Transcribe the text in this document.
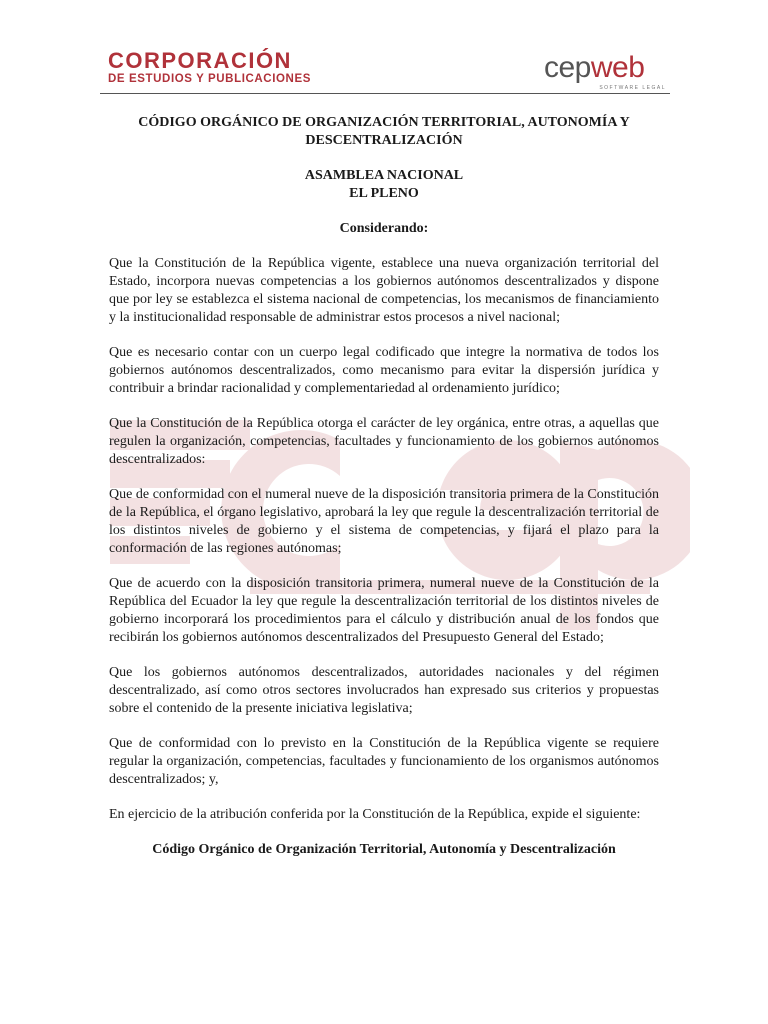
CORPORACIÓN
DE ESTUDIOS Y PUBLICACIONES	cepweb
SOFTWARE LEGAL
CÓDIGO ORGÁNICO DE ORGANIZACIÓN TERRITORIAL, AUTONOMÍA Y DESCENTRALIZACIÓN
ASAMBLEA NACIONAL
EL PLENO
Considerando:

Que la Constitución de la República vigente, establece una nueva organización territorial del Estado, incorpora nuevas competencias a los gobiernos autónomos descentralizados y dispone que por ley se establezca el sistema nacional de competencias, los mecanismos de financiamiento y la institucionalidad responsable de administrar estos procesos a nivel nacional;

Que es necesario contar con un cuerpo legal codificado que integre la normativa de todos los gobiernos autónomos descentralizados, como mecanismo para evitar la dispersión jurídica y contribuir a brindar racionalidad y complementariedad al ordenamiento jurídico;

Que la Constitución de la República otorga el carácter de ley orgánica, entre otras, a aquellas que regulen la organización, competencias, facultades y funcionamiento de los gobiernos autónomos descentralizados:

Que de conformidad con el numeral nueve de la disposición transitoria primera de la Constitución de la República, el órgano legislativo, aprobará la ley que regule la descentralización territorial de los distintos niveles de gobierno y el sistema de competencias, y fijará el plazo para la conformación de las regiones autónomas;

Que de acuerdo con la disposición transitoria primera, numeral nueve de la Constitución de la República del Ecuador la ley que regule la descentralización territorial de los distintos niveles de gobierno incorporará los procedimientos para el cálculo y distribución anual de los fondos que recibirán los gobiernos autónomos descentralizados del Presupuesto General del Estado;

Que los gobiernos autónomos descentralizados, autoridades nacionales y del régimen descentralizado, así como otros sectores involucrados han expresado sus criterios y propuestas sobre el contenido de la presente iniciativa legislativa;

Que de conformidad con lo previsto en la Constitución de la República vigente se requiere regular la organización, competencias, facultades y funcionamiento de los organismos autónomos descentralizados; y,

En ejercicio de la atribución conferida por la Constitución de la República, expide el siguiente:

Código Orgánico de Organización Territorial, Autonomía y Descentralización
